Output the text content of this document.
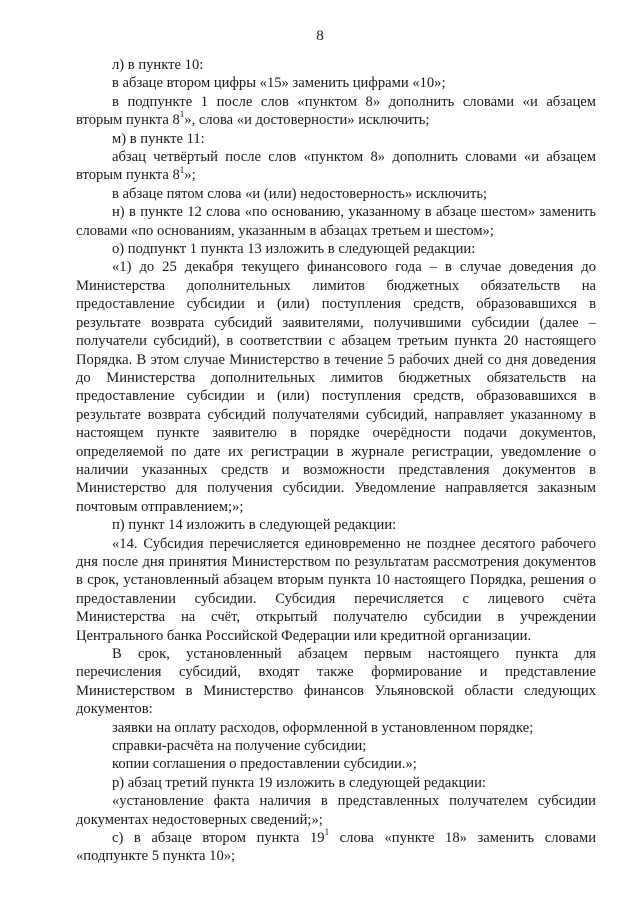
8

л) в пункте 10:

в абзаце втором цифры «15» заменить цифрами «10»;

в подпункте 1 после слов «пунктом 8» дополнить словами «и абзацем вторым пункта $8^1$», слова «и достоверности» исключить;

м) в пункте 11:

абзац четвёртый после слов «пунктом 8» дополнить словами «и абзацем вторым пункта $8^1$»;

в абзаце пятом слова «и (или) недостоверность» исключить;

н) в пункте 12 слова «по основанию, указанному в абзаце шестом» заменить словами «по основаниям, указанным в абзацах третьем и шестом»;

о) подпункт 1 пункта 13 изложить в следующей редакции:

«1) до 25 декабря текущего финансового года – в случае доведения до Министерства дополнительных лимитов бюджетных обязательств на предоставление субсидии и (или) поступления средств, образовавшихся в результате возврата субсидий заявителями, получившими субсидии (далее – получатели субсидий), в соответствии с абзацем третьим пункта 20 настоящего Порядка. В этом случае Министерство в течение 5 рабочих дней со дня доведения до Министерства дополнительных лимитов бюджетных обязательств на предоставление субсидии и (или) поступления средств, образовавшихся в результате возврата субсидий получателями субсидий, направляет указанному в настоящем пункте заявителю в порядке очерёдности подачи документов, определяемой по дате их регистрации в журнале регистрации, уведомление о наличии указанных средств и возможности представления документов в Министерство для получения субсидии. Уведомление направляется заказным почтовым отправлением;»;

п) пункт 14 изложить в следующей редакции:

«14. Субсидия перечисляется единовременно не позднее десятого рабочего дня после дня принятия Министерством по результатам рассмотрения документов в срок, установленный абзацем вторым пункта 10 настоящего Порядка, решения о предоставлении субсидии. Субсидия перечисляется с лицевого счёта Министерства на счёт, открытый получателю субсидии в учреждении Центрального банка Российской Федерации или кредитной организации.

В срок, установленный абзацем первым настоящего пункта для перечисления субсидий, входят также формирование и представление Министерством в Министерство финансов Ульяновской области следующих документов:

заявки на оплату расходов, оформленной в установленном порядке;

справки-расчёта на получение субсидии;

копии соглашения о предоставлении субсидии.»;

р) абзац третий пункта 19 изложить в следующей редакции:

«установление факта наличия в представленных получателем субсидии документах недостоверных сведений;»;

с) в абзаце втором пункта $19^1$ слова «пункте 18» заменить словами «подпункте 5 пункта 10»;
